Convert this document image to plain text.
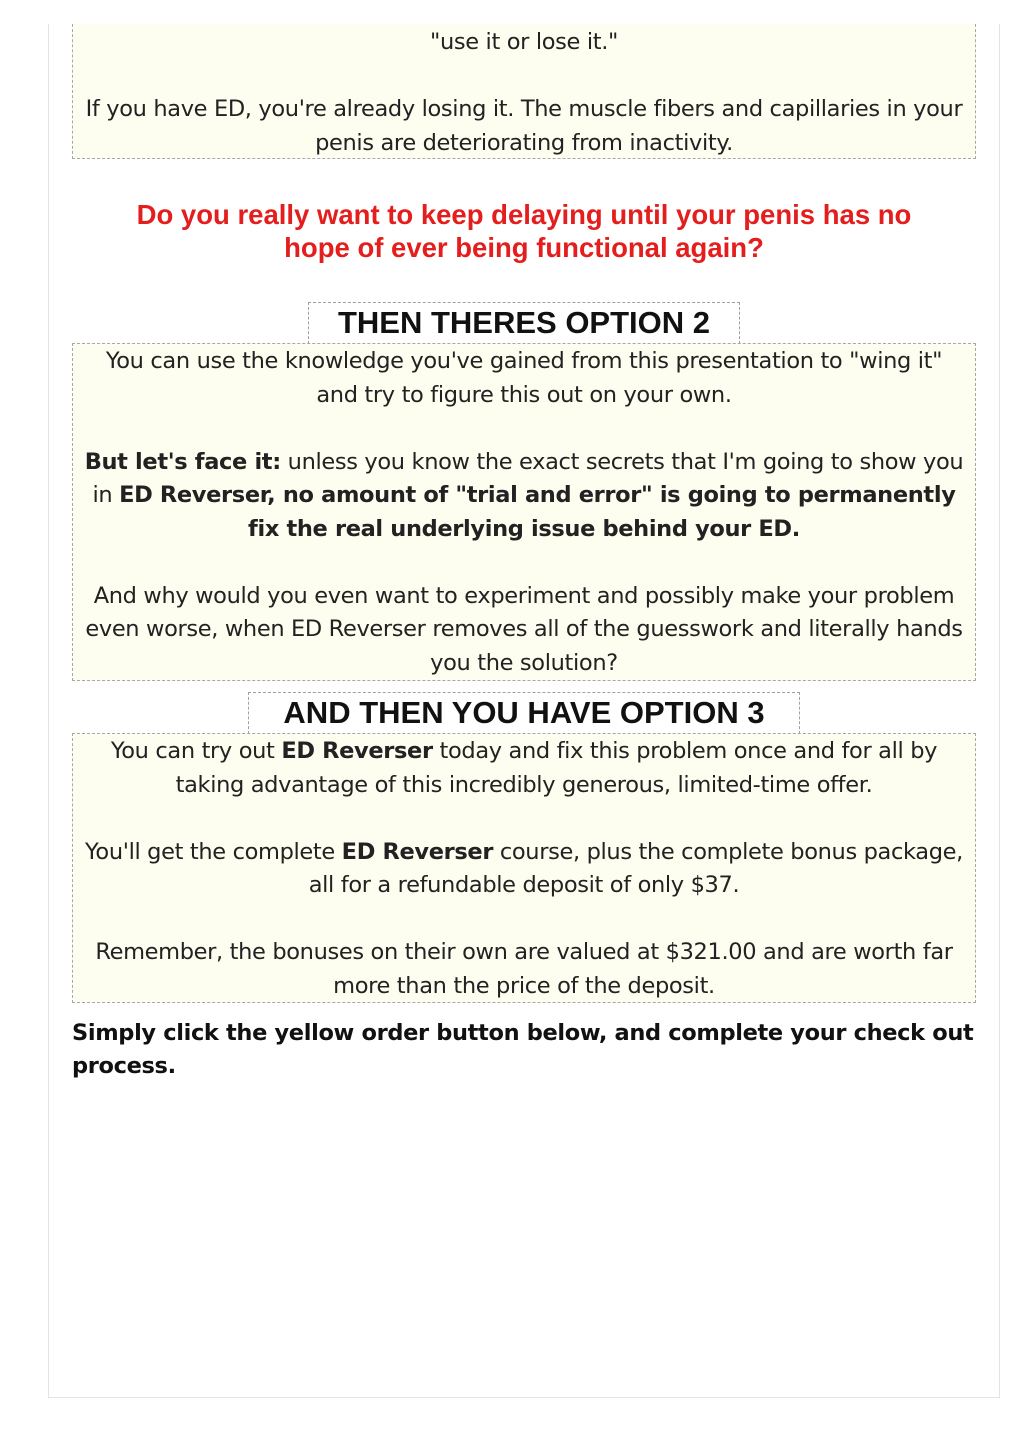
"use it or lose it."

If you have ED, you're already losing it. The muscle fibers and capillaries in your penis are deteriorating from inactivity.

Do you really want to keep delaying until your penis has no hope of ever being functional again?
THEN THERES OPTION 2

You can use the knowledge you've gained from this presentation to "wing it" and try to figure this out on your own.

But let's face it: unless you know the exact secrets that I'm going to show you in ED Reverser, no amount of "trial and error" is going to permanently fix the real underlying issue behind your ED.

And why would you even want to experiment and possibly make your problem even worse, when ED Reverser removes all of the guesswork and literally hands you the solution?

AND THEN YOU HAVE OPTION 3

You can try out ED Reverser today and fix this problem once and for all by taking advantage of this incredibly generous, limited-time offer.

You'll get the complete ED Reverser course, plus the complete bonus package, all for a refundable deposit of only $37.

Remember, the bonuses on their own are valued at $321.00 and are worth far more than the price of the deposit.

Simply click the yellow order button below, and complete your check out process.
